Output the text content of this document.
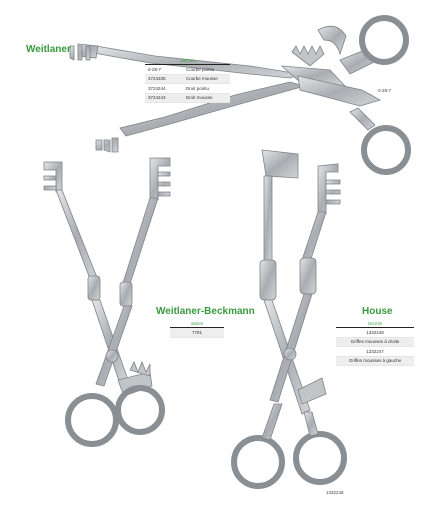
Weitlaner
16cmm
0-28-7	Courbe pointu
3724335	Courbe mousse
3724244	Droit pointu
3724243	Droit mousse
0-28-7
Weitlaner-Beckmann
16mm
7781
House
16cmm
1332248
Griffes mousses à droite
1332247
Griffes mousses à gauche
1332248
